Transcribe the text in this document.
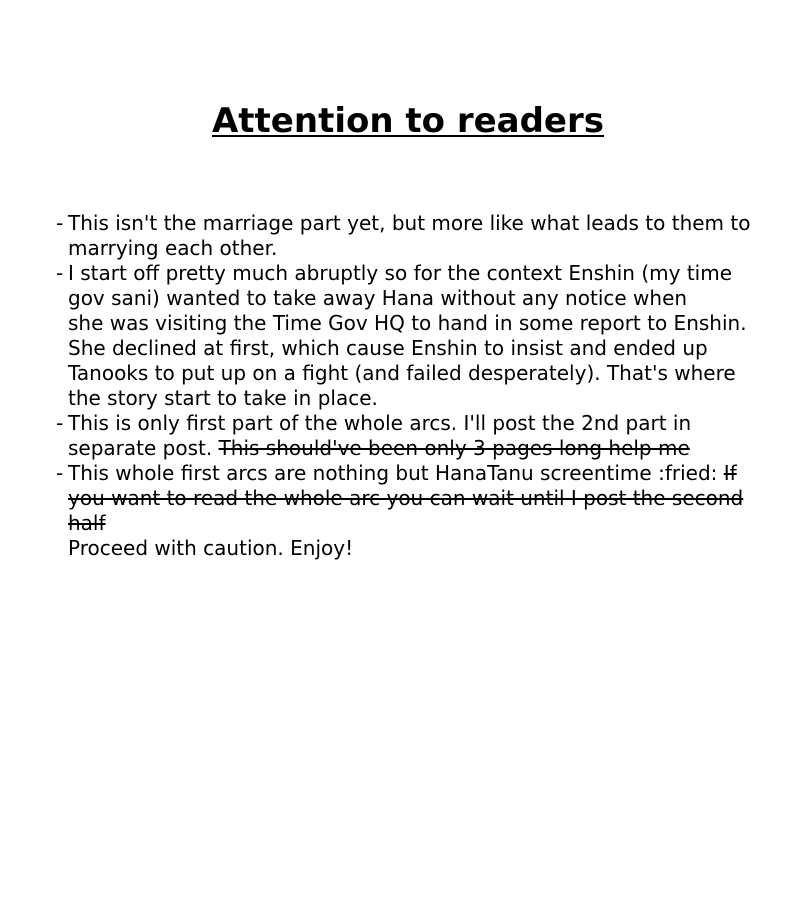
Attention to readers
- This isn't the marriage part yet, but more like what leads to them to
marrying each other.
- I start off pretty much abruptly so for the context Enshin (my time
gov sani) wanted to take away Hana without any notice when
she was visiting the Time Gov HQ to hand in some report to Enshin.
She declined at first, which cause Enshin to insist and ended up
Tanooks to put up on a fight (and failed desperately). That's where
the story start to take in place.
- This is only first part of the whole arcs. I'll post the 2nd part in
separate post. This should've been only 3 pages long help me
- This whole first arcs are nothing but HanaTanu screentime :fried: If
you want to read the whole arc you can wait until I post the second
half
Proceed with caution. Enjoy!
